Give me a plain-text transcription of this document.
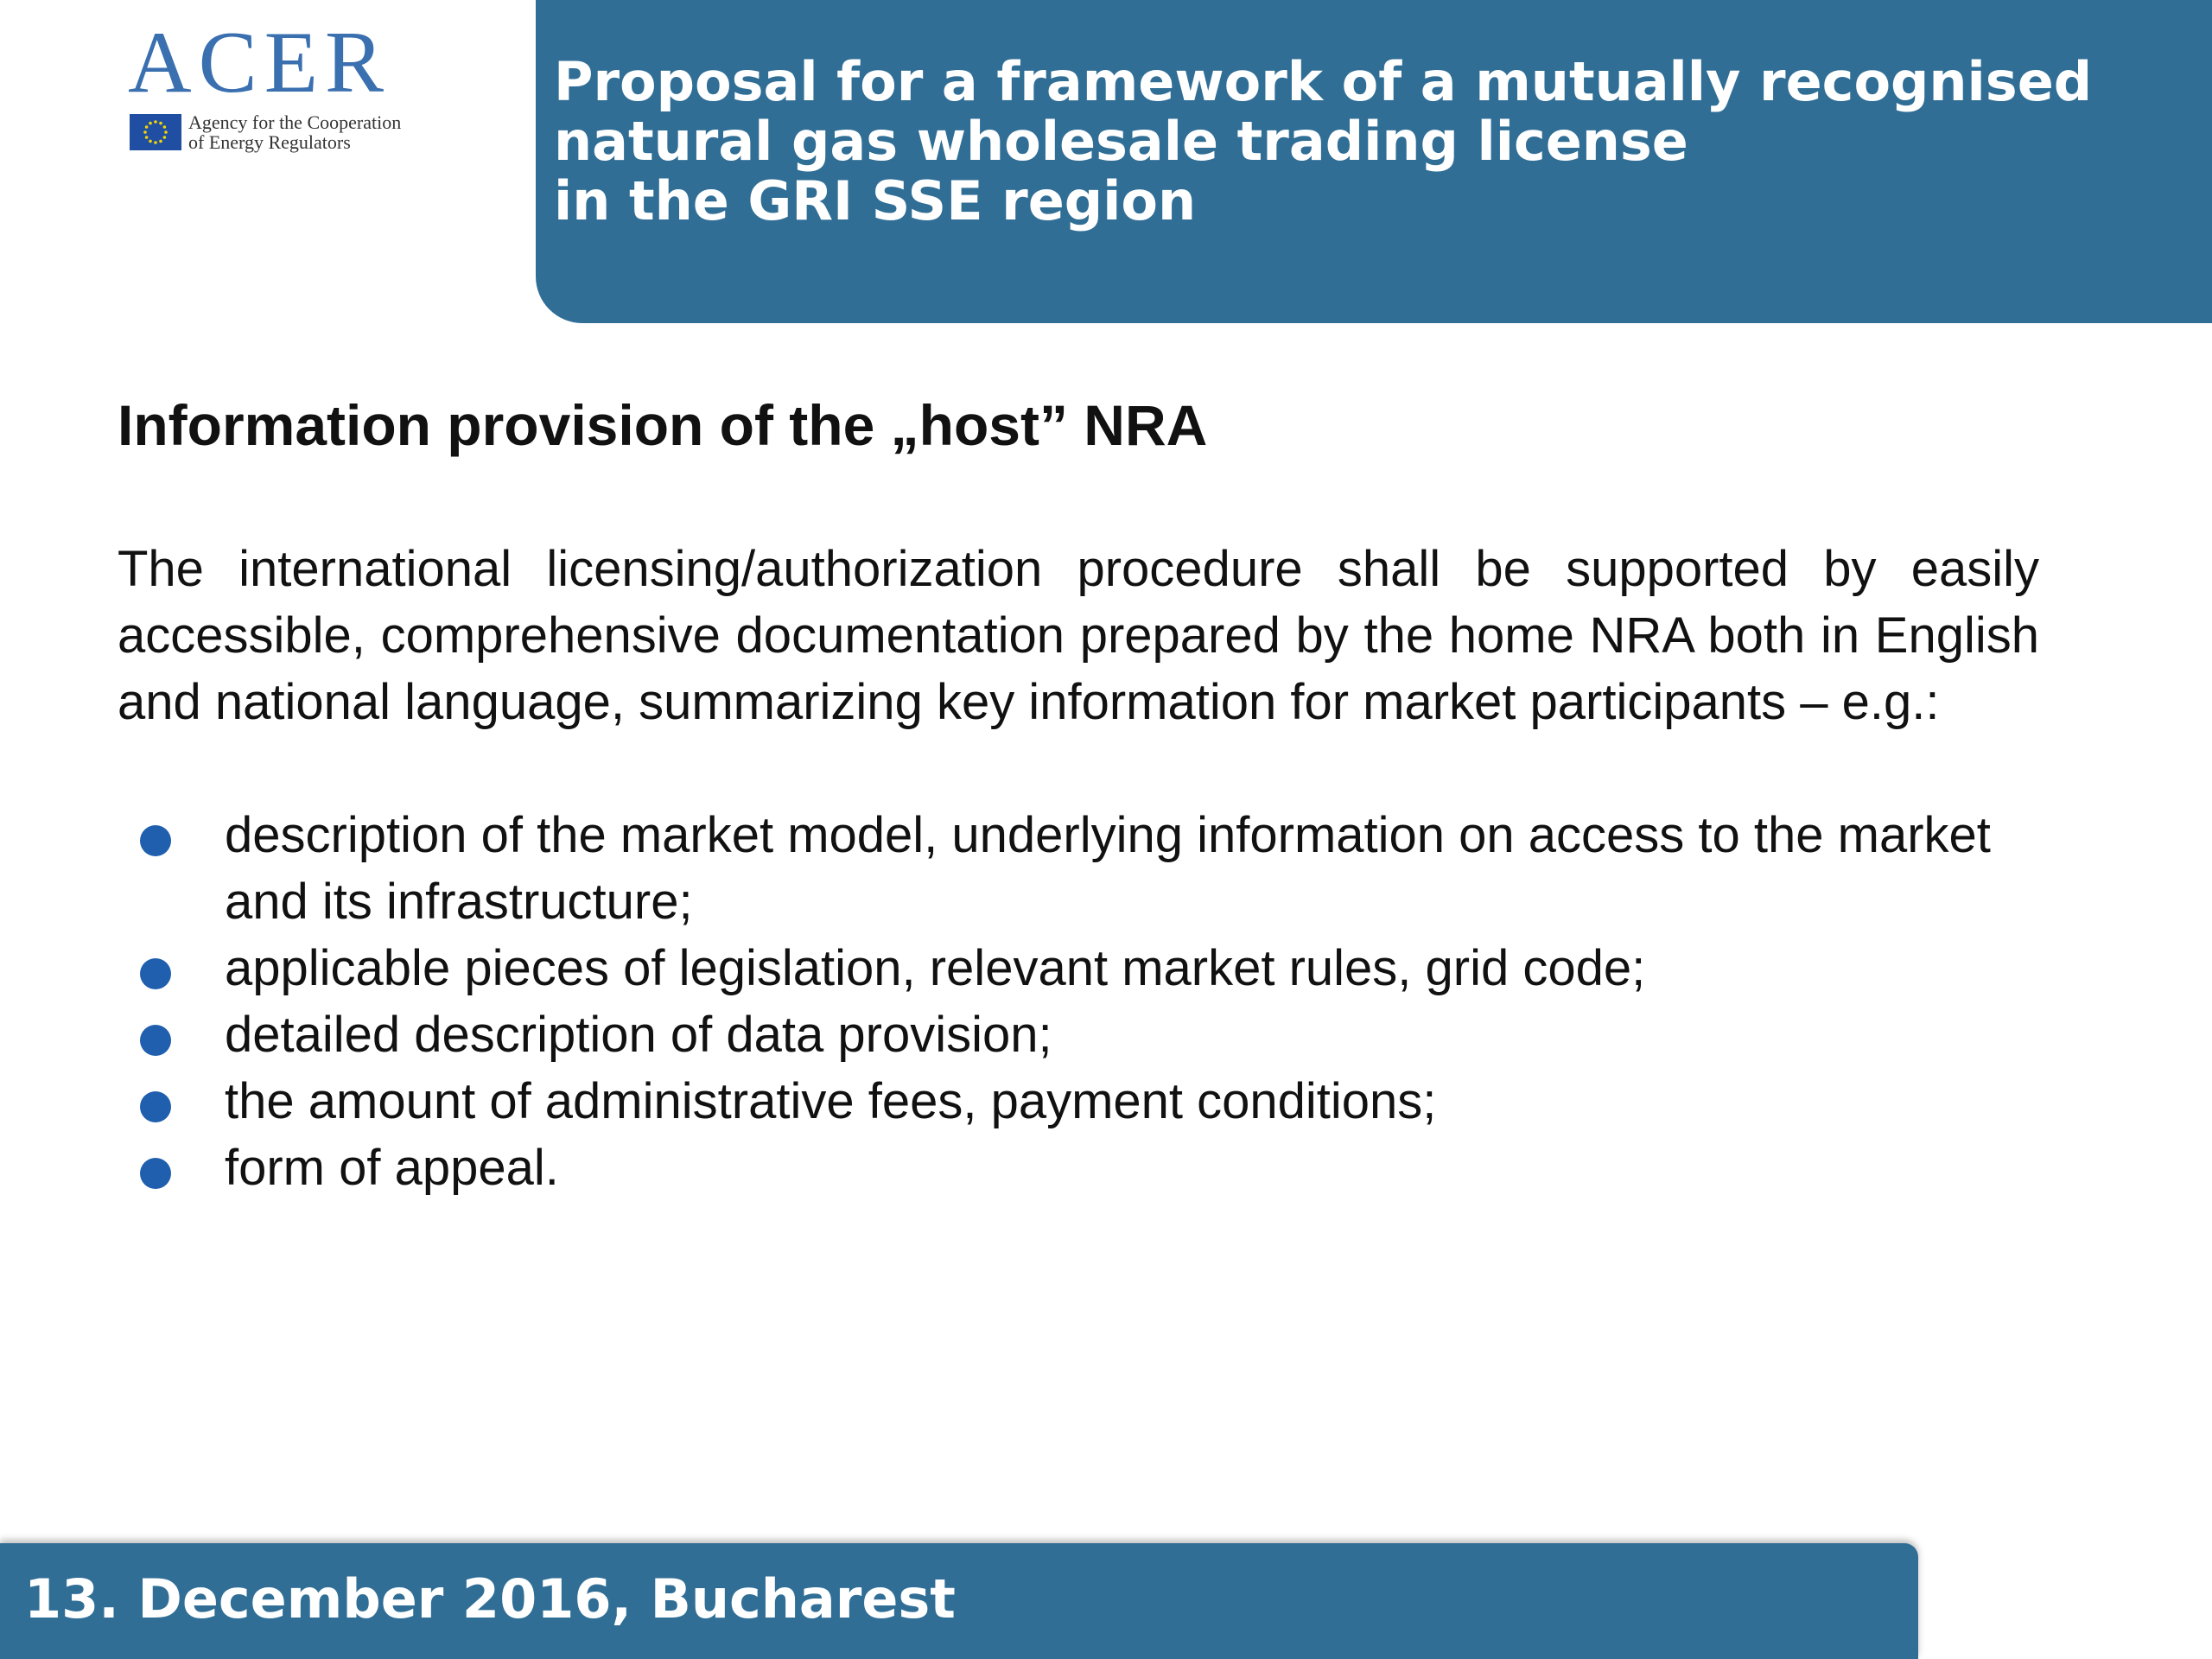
ACER
Agency for the Cooperation
of Energy Regulators
Proposal for a framework of a mutually recognised
natural gas wholesale trading license
in the GRI SSE region
Information provision of the „host” NRA

The international licensing/authorization procedure shall be supported by easily accessible, comprehensive documentation prepared by the home NRA both in English and national language, summarizing key information for market participants – e.g.:

description of the market model, underlying information on access to the market and its infrastructure;
applicable pieces of legislation, relevant market rules, grid code;
detailed description of data provision;
the amount of administrative fees, payment conditions;
form of appeal.

13. December 2016, Bucharest
